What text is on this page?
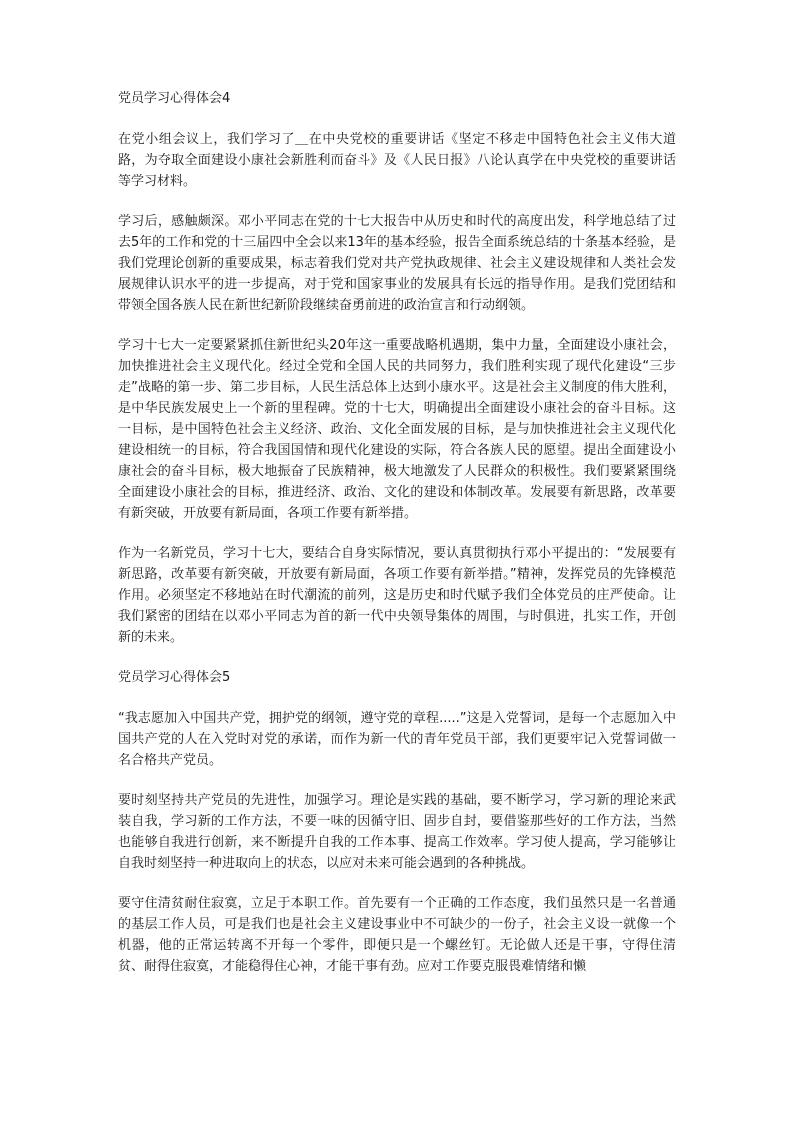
党员学习心得体会4
在党小组会议上，我们学习了＿在中央党校的重要讲话《坚定不移走中国特色社会主义伟大道路，为夺取全面建设小康社会新胜利而奋斗》及《人民日报》八论认真学在中央党校的重要讲话等学习材料。
学习后，感触颇深。邓小平同志在党的十七大报告中从历史和时代的高度出发，科学地总结了过去5年的工作和党的十三届四中全会以来13年的基本经验，报告全面系统总结的十条基本经验，是我们党理论创新的重要成果，标志着我们党对共产党执政规律、社会主义建设规律和人类社会发展规律认识水平的进一步提高，对于党和国家事业的发展具有长远的指导作用。是我们党团结和带领全国各族人民在新世纪新阶段继续奋勇前进的政治宣言和行动纲领。
学习十七大一定要紧紧抓住新世纪头20年这一重要战略机遇期，集中力量，全面建设小康社会，加快推进社会主义现代化。经过全党和全国人民的共同努力，我们胜利实现了现代化建设“三步走”战略的第一步、第二步目标，人民生活总体上达到小康水平。这是社会主义制度的伟大胜利，是中华民族发展史上一个新的里程碑。党的十七大，明确提出全面建设小康社会的奋斗目标。这一目标，是中国特色社会主义经济、政治、文化全面发展的目标，是与加快推进社会主义现代化建设相统一的目标，符合我国国情和现代化建设的实际，符合各族人民的愿望。提出全面建设小康社会的奋斗目标，极大地振奋了民族精神，极大地激发了人民群众的积极性。我们要紧紧围绕全面建设小康社会的目标，推进经济、政治、文化的建设和体制改革。发展要有新思路，改革要有新突破，开放要有新局面，各项工作要有新举措。
作为一名新党员，学习十七大，要结合自身实际情况，要认真贯彻执行邓小平提出的：“发展要有新思路，改革要有新突破，开放要有新局面，各项工作要有新举措。”精神，发挥党员的先锋模范作用。必须坚定不移地站在时代潮流的前列，这是历史和时代赋予我们全体党员的庄严使命。让我们紧密的团结在以邓小平同志为首的新一代中央领导集体的周围，与时俱进，扎实工作，开创新的未来。
党员学习心得体会5
“我志愿加入中国共产党，拥护党的纲领，遵守党的章程.....”这是入党誓词，是每一个志愿加入中国共产党的人在入党时对党的承诺，而作为新一代的青年党员干部，我们更要牢记入党誓词做一名合格共产党员。
要时刻坚持共产党员的先进性，加强学习。理论是实践的基础，要不断学习，学习新的理论来武装自我，学习新的工作方法，不要一味的因循守旧、固步自封，要借鉴那些好的工作方法，当然也能够自我进行创新，来不断提升自我的工作本事、提高工作效率。学习使人提高，学习能够让自我时刻坚持一种进取向上的状态，以应对未来可能会遇到的各种挑战。
要守住清贫耐住寂寞，立足于本职工作。首先要有一个正确的工作态度，我们虽然只是一名普通的基层工作人员，可是我们也是社会主义建设事业中不可缺少的一份子，社会主义设一就像一个机器，他的正常运转离不开每一个零件，即便只是一个螺丝钉。无论做人还是干事，守得住清贫、耐得住寂寞，才能稳得住心神，才能干事有劲。应对工作要克服畏难情绪和懒
